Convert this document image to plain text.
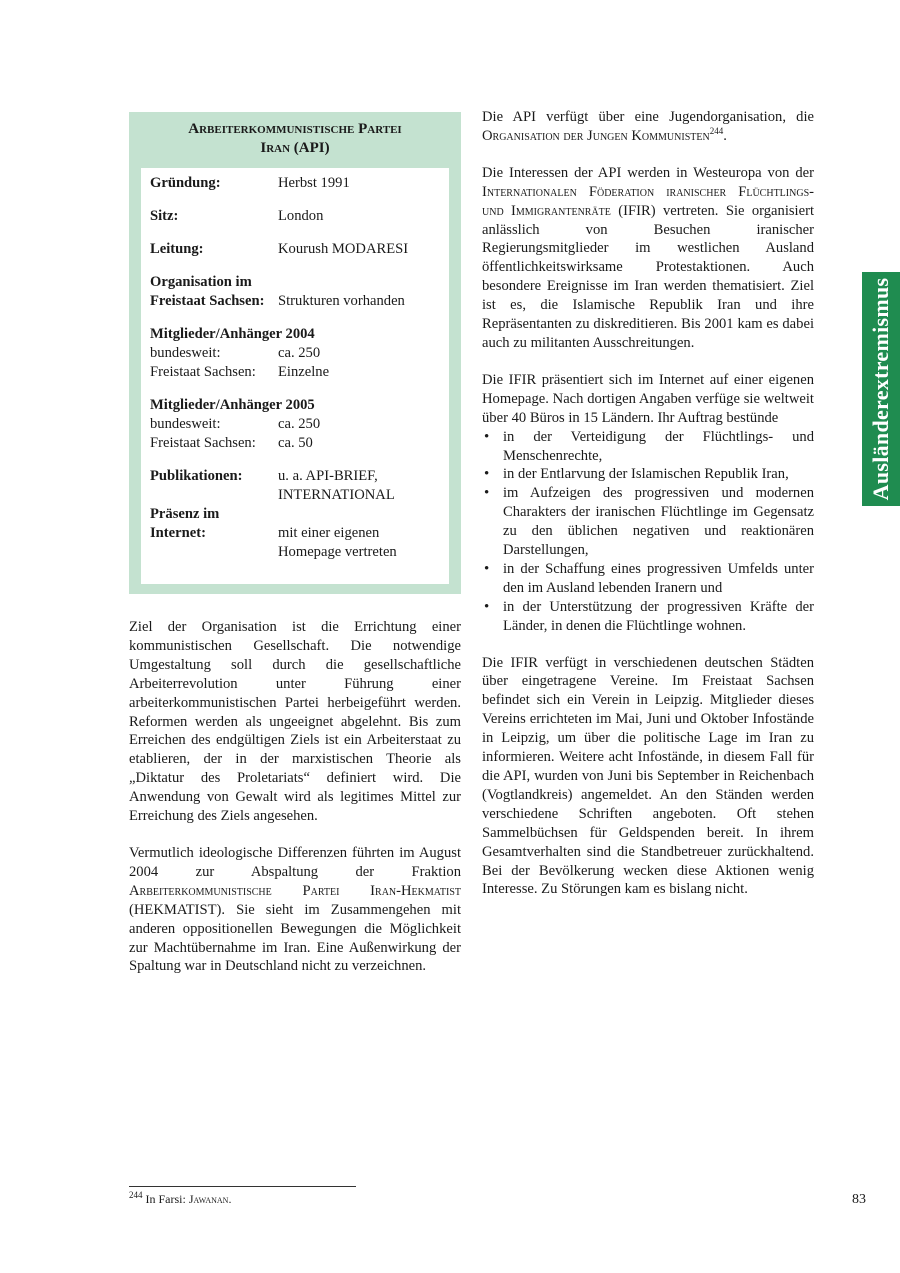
Arbeiterkommunistische Partei
Iran (API)
Gründung:	Herbst 1991
Sitz:	London
Leitung:	Kourush MODARESI
Organisation im
Freistaat Sachsen: Strukturen vorhanden
Mitglieder/Anhänger 2004
bundesweit:	ca. 250
Freistaat Sachsen:	Einzelne
Mitglieder/Anhänger 2005
bundesweit:	ca. 250
Freistaat Sachsen:	ca. 50
Publikationen:	u. a. API-BRIEF,
INTERNATIONAL
Präsenz im
Internet:	mit einer eigenen
Homepage vertreten

Ziel der Organisation ist die Errichtung einer kommunistischen Gesellschaft. Die notwendige Umgestaltung soll durch die gesellschaftliche Arbeiterrevolution unter Führung einer arbeiterkommunistischen Partei herbeigeführt werden. Reformen werden als ungeeignet abgelehnt. Bis zum Erreichen des endgültigen Ziels ist ein Arbeiterstaat zu etablieren, der in der marxistischen Theorie als „Diktatur des Proletariats“ definiert wird. Die Anwendung von Gewalt wird als legitimes Mittel zur Erreichung des Ziels angesehen.

Vermutlich ideologische Differenzen führten im August 2004 zur Abspaltung der Fraktion Arbeiterkommunistische Partei Iran-Hekmatist (HEKMATIST). Sie sieht im Zusammengehen mit anderen oppositionellen Bewegungen die Möglichkeit zur Machtübernahme im Iran. Eine Außenwirkung der Spaltung war in Deutschland nicht zu verzeichnen.

Die API verfügt über eine Jugendorganisation, die Organisation der Jungen Kommunisten$^{244}$.

Die Interessen der API werden in Westeuropa von der Internationalen Föderation iranischer Flüchtlings- und Immigrantenräte (IFIR) vertreten. Sie organisiert anlässlich von Besuchen iranischer Regierungsmitglieder im westlichen Ausland öffentlichkeitswirksame Protestaktionen. Auch besondere Ereignisse im Iran werden thematisiert. Ziel ist es, die Islamische Republik Iran und ihre Repräsentanten zu diskreditieren. Bis 2001 kam es dabei auch zu militanten Ausschreitungen.

Die IFIR präsentiert sich im Internet auf einer eigenen Homepage. Nach dortigen Angaben verfüge sie weltweit über 40 Büros in 15 Ländern. Ihr Auftrag bestünde

• in der Verteidigung der Flüchtlings- und Menschenrechte,
• in der Entlarvung der Islamischen Republik Iran,
• im Aufzeigen des progressiven und modernen Charakters der iranischen Flüchtlinge im Gegensatz zu den üblichen negativen und reaktionären Darstellungen,
• in der Schaffung eines progressiven Umfelds unter den im Ausland lebenden Iranern und
• in der Unterstützung der progressiven Kräfte der Länder, in denen die Flüchtlinge wohnen.

Die IFIR verfügt in verschiedenen deutschen Städten über eingetragene Vereine. Im Freistaat Sachsen befindet sich ein Verein in Leipzig. Mitglieder dieses Vereins errichteten im Mai, Juni und Oktober Infostände in Leipzig, um über die politische Lage im Iran zu informieren. Weitere acht Infostände, in diesem Fall für die API, wurden von Juni bis September in Reichenbach (Vogtlandkreis) angemeldet. An den Ständen werden verschiedene Schriften angeboten. Oft stehen Sammelbüchsen für Geldspenden bereit. In ihrem Gesamtverhalten sind die Standbetreuer zurückhaltend. Bei der Bevölkerung wecken diese Aktionen wenig Interesse. Zu Störungen kam es bislang nicht.

Ausländerextremismus
$^{244}$ In Farsi: Jawanan.	83
